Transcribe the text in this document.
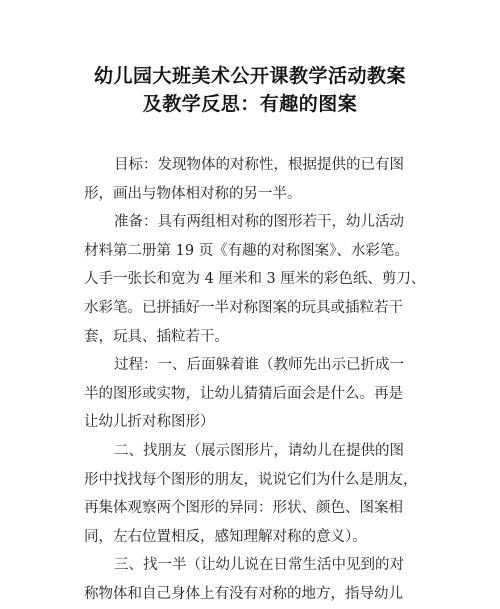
幼儿园大班美术公开课教学活动教案
及教学反思：有趣的图案
目标：发现物体的对称性，根据提供的已有图
形，画出与物体相对称的另一半。
准备：具有两组相对称的图形若干，幼儿活动
材料第二册第 19 页《有趣的对称图案》、水彩笔。
人手一张长和宽为 4 厘米和 3 厘米的彩色纸、剪刀、
水彩笔。已拼插好一半对称图案的玩具或插粒若干
套，玩具、插粒若干。
过程：一、后面躲着谁（教师先出示已折成一
半的图形或实物，让幼儿猜猜后面会是什么。再是
让幼儿折对称图形）
二、找朋友（展示图形片，请幼儿在提供的图
形中找找每个图形的朋友，说说它们为什么是朋友，
再集体观察两个图形的异同：形状、颜色、图案相
同，左右位置相反，感知理解对称的意义）。
三、找一半（让幼儿说在日常生活中见到的对
称物体和自己身体上有没有对称的地方，指导幼儿
